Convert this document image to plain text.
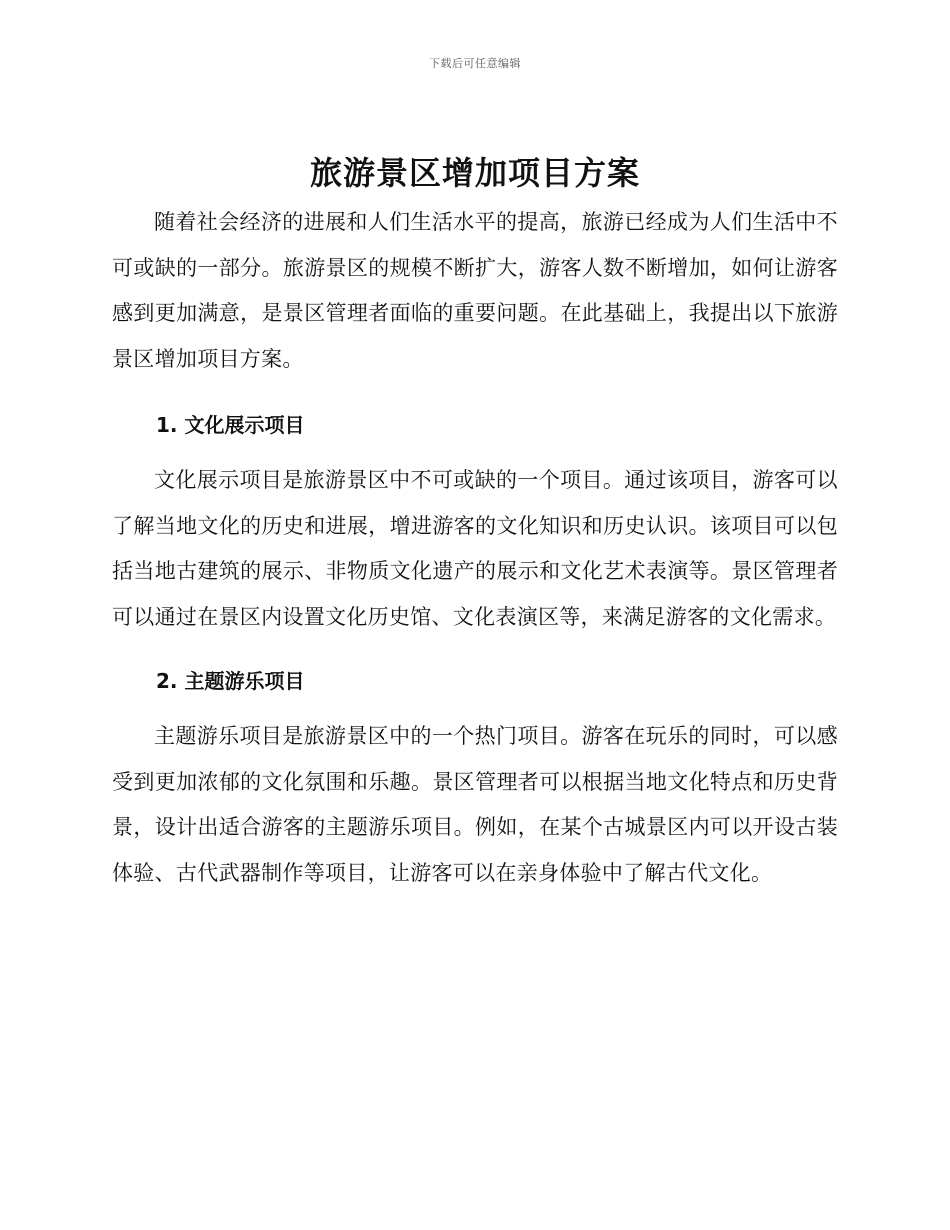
下载后可任意编辑
旅游景区增加项目方案

随着社会经济的进展和人们生活水平的提高，旅游已经成为人们生活中不可或缺的一部分。旅游景区的规模不断扩大，游客人数不断增加，如何让游客感到更加满意，是景区管理者面临的重要问题。在此基础上，我提出以下旅游景区增加项目方案。

1. 文化展示项目

文化展示项目是旅游景区中不可或缺的一个项目。通过该项目，游客可以了解当地文化的历史和进展，增进游客的文化知识和历史认识。该项目可以包括当地古建筑的展示、非物质文化遗产的展示和文化艺术表演等。景区管理者可以通过在景区内设置文化历史馆、文化表演区等，来满足游客的文化需求。

2. 主题游乐项目

主题游乐项目是旅游景区中的一个热门项目。游客在玩乐的同时，可以感受到更加浓郁的文化氛围和乐趣。景区管理者可以根据当地文化特点和历史背景，设计出适合游客的主题游乐项目。例如，在某个古城景区内可以开设古装体验、古代武器制作等项目，让游客可以在亲身体验中了解古代文化。
